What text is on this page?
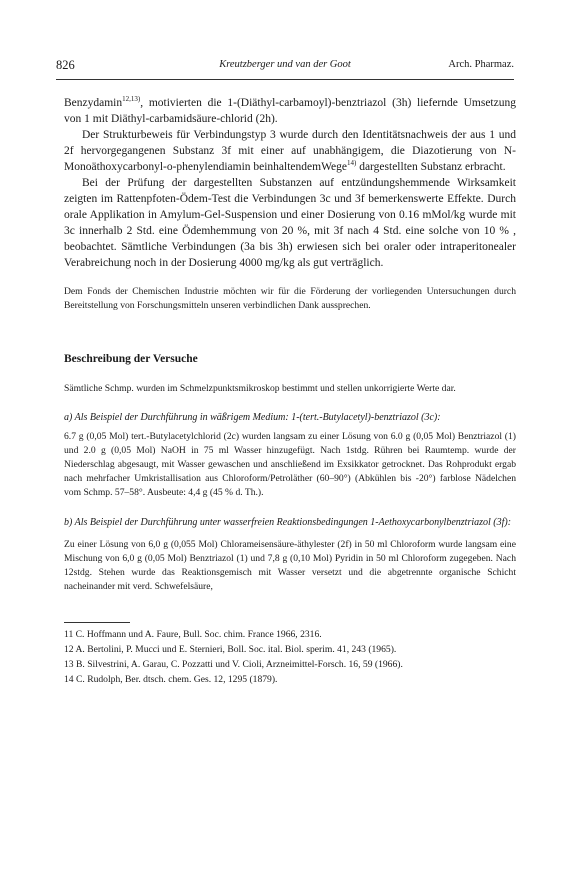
826	Kreutzberger und van der Goot	Arch. Pharmaz.

Benzydamin$^{12,13)}$, motivierten die 1-(Diäthyl-carbamoyl)-benztriazol (3h) liefernde Umsetzung von 1 mit Diäthyl-carbamidsäure-chlorid (2h).

Der Strukturbeweis für Verbindungstyp 3 wurde durch den Identitätsnachweis der aus 1 und 2f hervorgegangenen Substanz 3f mit einer auf unabhängigem, die Diazotierung von N-Monoäthoxycarbonyl-o-phenylendiamin beinhaltendemWege$^{14)}$ dargestellten Substanz erbracht.

Bei der Prüfung der dargestellten Substanzen auf entzündungshemmende Wirksamkeit zeigten im Rattenpfoten-Ödem-Test die Verbindungen 3c und 3f bemerkenswerte Effekte. Durch orale Applikation in Amylum-Gel-Suspension und einer Dosierung von 0.16 mMol/kg wurde mit 3c innerhalb 2 Std. eine Ödemhemmung von 20 %, mit 3f nach 4 Std. eine solche von 10 % , beobachtet. Sämtliche Verbindungen (3a bis 3h) erwiesen sich bei oraler oder intraperitonealer Verabreichung noch in der Dosierung 4000 mg/kg als gut verträglich.

Dem Fonds der Chemischen Industrie möchten wir für die Förderung der vorliegenden Untersuchungen durch Bereitstellung von Forschungsmitteln unseren verbindlichen Dank aussprechen.

Beschreibung der Versuche

Sämtliche Schmp. wurden im Schmelzpunktsmikroskop bestimmt und stellen unkorrigierte Werte dar.

a) Als Beispiel der Durchführung in wäßrigem Medium: 1-(tert.-Butylacetyl)-benztriazol (3c):

6.7 g (0,05 Mol) tert.-Butylacetylchlorid (2c) wurden langsam zu einer Lösung von 6.0 g (0,05 Mol) Benztriazol (1) und 2.0 g (0,05 Mol) NaOH in 75 ml Wasser hinzugefügt. Nach 1stdg. Rühren bei Raumtemp. wurde der Niederschlag abgesaugt, mit Wasser gewaschen und anschließend im Exsikkator getrocknet. Das Rohprodukt ergab nach mehrfacher Umkristallisation aus Chloroform/Petroläther (60–90°) (Abkühlen bis -20°) farblose Nädelchen vom Schmp. 57–58°. Ausbeute: 4,4 g (45 % d. Th.).

b) Als Beispiel der Durchführung unter wasserfreien Reaktionsbedingungen 1-Aethoxycarbonylbenztriazol (3f):

Zu einer Lösung von 6,0 g (0,055 Mol) Chlorameisensäure-äthylester (2f) in 50 ml Chloroform wurde langsam eine Mischung von 6,0 g (0,05 Mol) Benztriazol (1) und 7,8 g (0,10 Mol) Pyridin in 50 ml Chloroform zugegeben. Nach 12stdg. Stehen wurde das Reaktionsgemisch mit Wasser versetzt und die abgetrennte organische Schicht nacheinander mit verd. Schwefelsäure,

11 C. Hoffmann und A. Faure, Bull. Soc. chim. France 1966, 2316.

12 A. Bertolini, P. Mucci und E. Sternieri, Boll. Soc. ital. Biol. sperim. 41, 243 (1965).

13 B. Silvestrini, A. Garau, C. Pozzatti und V. Cioli, Arzneimittel-Forsch. 16, 59 (1966).

14 C. Rudolph, Ber. dtsch. chem. Ges. 12, 1295 (1879).
